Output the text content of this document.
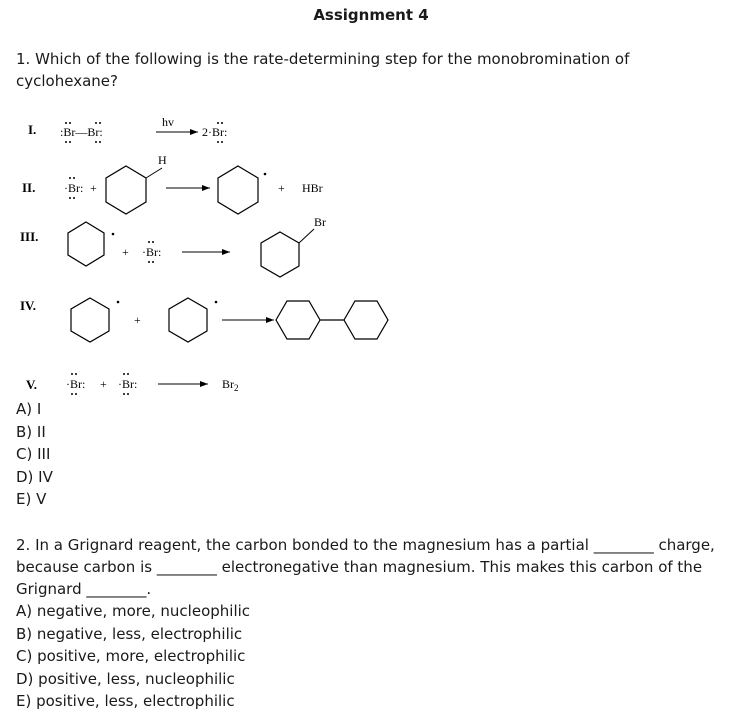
Assignment 4
1. Which of the following is the rate-determining step for the monobromination of
cyclohexane?
I.
II.
III.
IV.
V.
:Br—Br:
hv
2·Br:
·Br: +
H
+ HBr
+ ·Br:
Br
+
·Br: + ·Br:	$Br_2$
A) I
B) II
C) III
D) IV
E) V
2. In a Grignard reagent, the carbon bonded to the magnesium has a partial ________ charge,
because carbon is ________ electronegative than magnesium. This makes this carbon of the
Grignard ________.
A) negative, more, nucleophilic
B) negative, less, electrophilic
C) positive, more, electrophilic
D) positive, less, nucleophilic
E) positive, less, electrophilic
